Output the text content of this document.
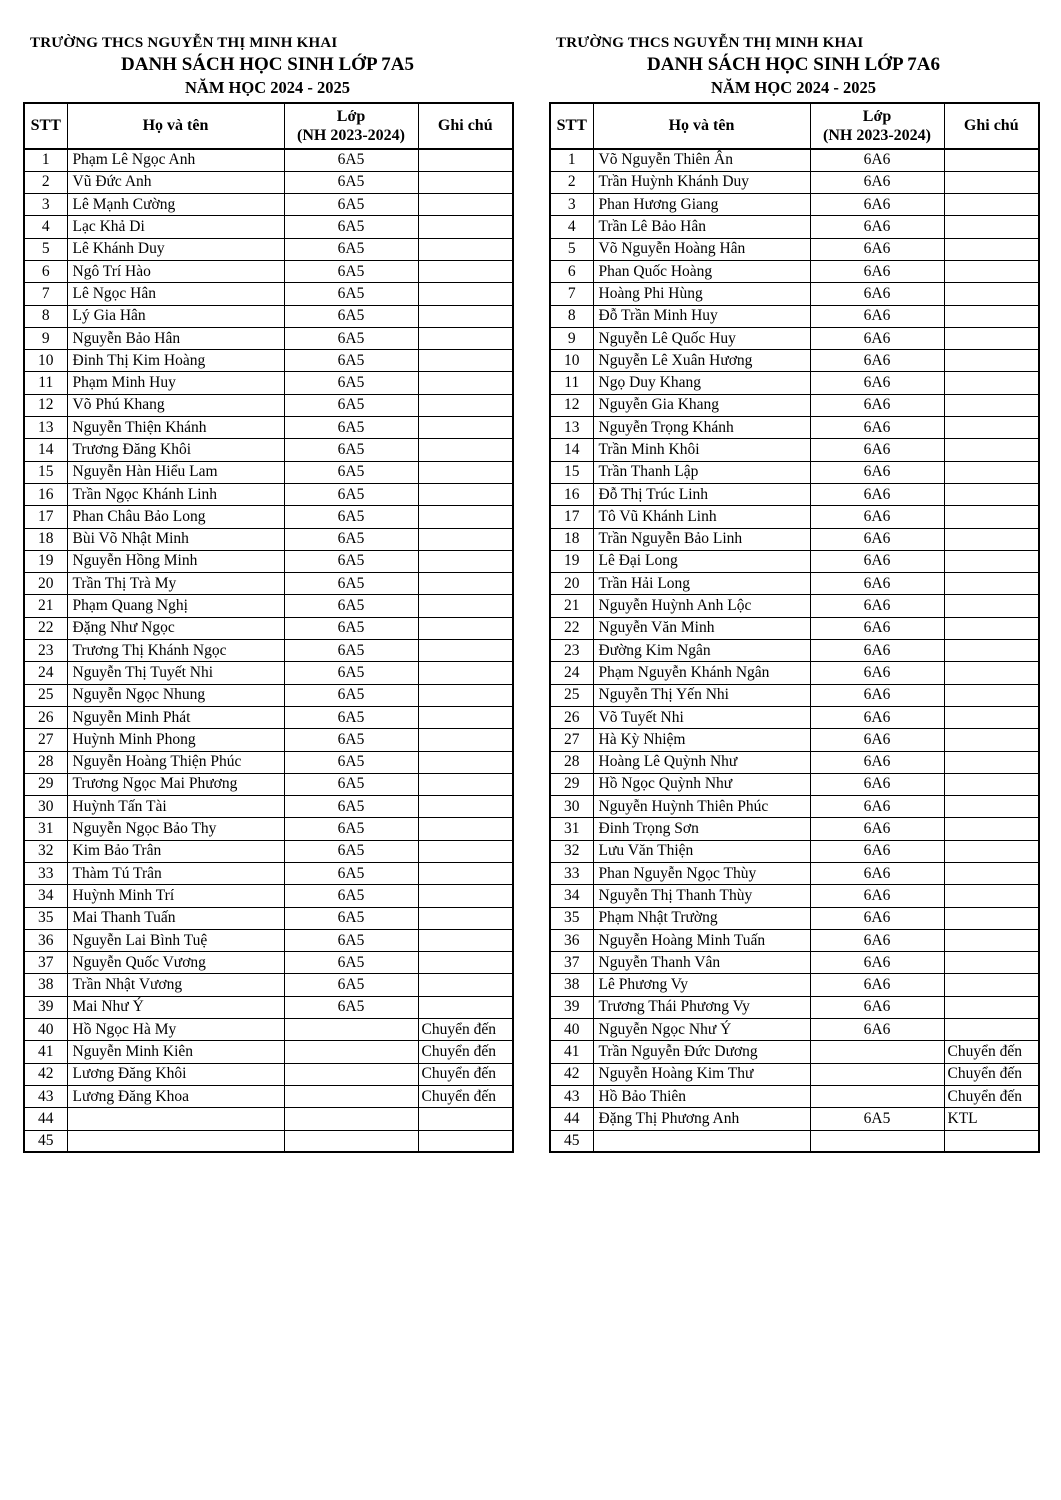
TRƯỜNG THCS NGUYỄN THỊ MINH KHAI
DANH SÁCH HỌC SINH LỚP 7A5
NĂM HỌC 2024 - 2025
STT	Họ và tên	Lớp
(NH 2023-2024)	Ghi chú
1	Phạm Lê Ngọc Anh	6A5	
2	Vũ Đức Anh	6A5	
3	Lê Mạnh Cường	6A5	
4	Lạc Khả Di	6A5	
5	Lê Khánh Duy	6A5	
6	Ngô Trí Hào	6A5	
7	Lê Ngọc Hân	6A5	
8	Lý Gia Hân	6A5	
9	Nguyễn Bảo Hân	6A5	
10	Đinh Thị Kim Hoàng	6A5	
11	Phạm Minh Huy	6A5	
12	Võ Phú Khang	6A5	
13	Nguyễn Thiện Khánh	6A5	
14	Trương Đăng Khôi	6A5	
15	Nguyễn Hàn Hiểu Lam	6A5	
16	Trần Ngọc Khánh Linh	6A5	
17	Phan Châu Bảo Long	6A5	
18	Bùi Võ Nhật Minh	6A5	
19	Nguyễn Hồng Minh	6A5	
20	Trần Thị Trà My	6A5	
21	Phạm Quang Nghị	6A5	
22	Đặng Như Ngọc	6A5	
23	Trương Thị Khánh Ngọc	6A5	
24	Nguyễn Thị Tuyết Nhi	6A5	
25	Nguyễn Ngọc Nhung	6A5	
26	Nguyễn Minh Phát	6A5	
27	Huỳnh Minh Phong	6A5	
28	Nguyễn Hoàng Thiện Phúc	6A5	
29	Trương Ngọc Mai Phương	6A5	
30	Huỳnh Tấn Tài	6A5	
31	Nguyễn Ngọc Bảo Thy	6A5	
32	Kim Bảo Trân	6A5	
33	Thàm Tú Trân	6A5	
34	Huỳnh Minh Trí	6A5	
35	Mai Thanh Tuấn	6A5	
36	Nguyễn Lai Bình Tuệ	6A5	
37	Nguyễn Quốc Vương	6A5	
38	Trần Nhật Vương	6A5	
39	Mai Như Ý	6A5	
40	Hồ Ngọc Hà My		Chuyển đến
41	Nguyễn Minh Kiên		Chuyển đến
42	Lương Đăng Khôi		Chuyển đến
43	Lương Đăng Khoa		Chuyển đến
44			
45			
TRƯỜNG THCS NGUYỄN THỊ MINH KHAI
DANH SÁCH HỌC SINH LỚP 7A6
NĂM HỌC 2024 - 2025
STT	Họ và tên	Lớp
(NH 2023-2024)	Ghi chú
1	Võ Nguyễn Thiên Ân	6A6	
2	Trần Huỳnh Khánh Duy	6A6	
3	Phan Hương Giang	6A6	
4	Trần Lê Bảo Hân	6A6	
5	Võ Nguyễn Hoàng Hân	6A6	
6	Phan Quốc Hoàng	6A6	
7	Hoàng Phi Hùng	6A6	
8	Đỗ Trần Minh Huy	6A6	
9	Nguyễn Lê Quốc Huy	6A6	
10	Nguyễn Lê Xuân Hương	6A6	
11	Ngọ Duy Khang	6A6	
12	Nguyễn Gia Khang	6A6	
13	Nguyễn Trọng Khánh	6A6	
14	Trần Minh Khôi	6A6	
15	Trần Thanh Lập	6A6	
16	Đỗ Thị Trúc Linh	6A6	
17	Tô Vũ Khánh Linh	6A6	
18	Trần Nguyễn Bảo Linh	6A6	
19	Lê Đại Long	6A6	
20	Trần Hải Long	6A6	
21	Nguyễn Huỳnh Anh Lộc	6A6	
22	Nguyễn Văn Minh	6A6	
23	Đường Kim Ngân	6A6	
24	Phạm Nguyễn Khánh Ngân	6A6	
25	Nguyễn Thị Yến Nhi	6A6	
26	Võ Tuyết Nhi	6A6	
27	Hà Kỳ Nhiệm	6A6	
28	Hoàng Lê Quỳnh Như	6A6	
29	Hồ Ngọc Quỳnh Như	6A6	
30	Nguyễn Huỳnh Thiên Phúc	6A6	
31	Đinh Trọng Sơn	6A6	
32	Lưu Văn Thiện	6A6	
33	Phan Nguyễn Ngọc Thùy	6A6	
34	Nguyễn Thị Thanh Thùy	6A6	
35	Phạm Nhật Trường	6A6	
36	Nguyễn Hoàng Minh Tuấn	6A6	
37	Nguyễn Thanh Vân	6A6	
38	Lê Phương Vy	6A6	
39	Trương Thái Phương Vy	6A6	
40	Nguyễn Ngọc Như Ý	6A6	
41	Trần Nguyễn Đức Dương		Chuyển đến
42	Nguyễn Hoàng Kim Thư		Chuyển đến
43	Hồ Bảo Thiên		Chuyển đến
44	Đặng Thị Phương Anh	6A5	KTL
45			
